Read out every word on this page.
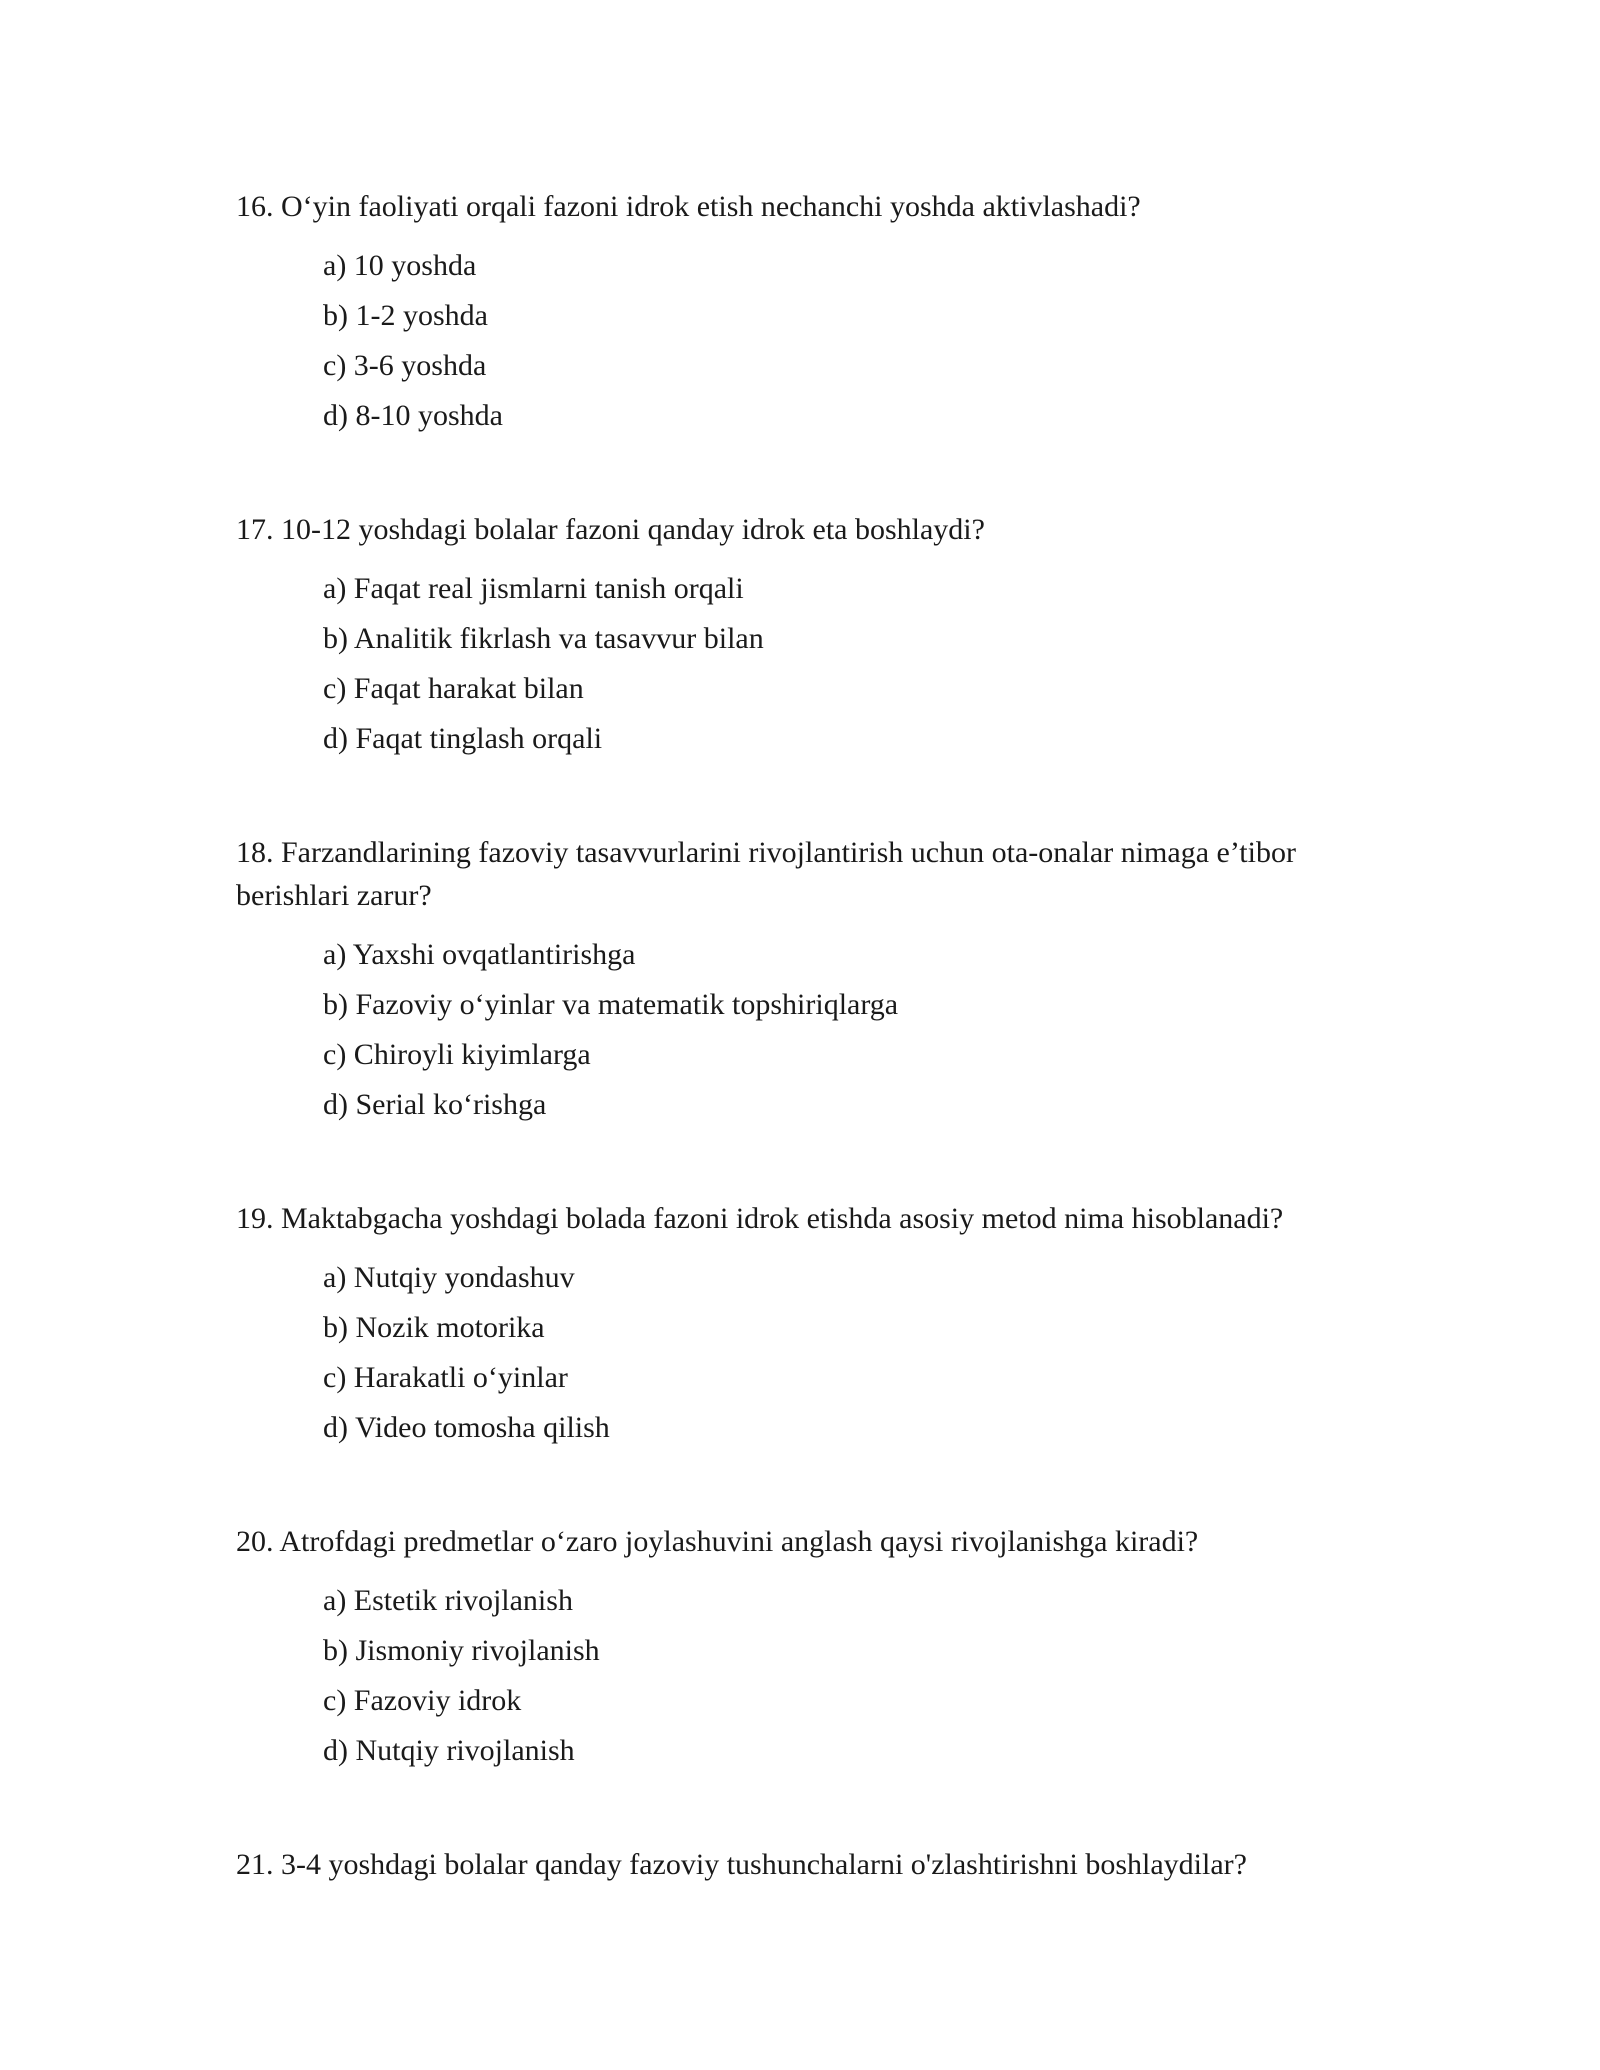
16. O‘yin faoliyati orqali fazoni idrok etish nechanchi yoshda aktivlashadi?

a) 10 yoshda
b) 1-2 yoshda
c) 3-6 yoshda
d) 8-10 yoshda

17. 10-12 yoshdagi bolalar fazoni qanday idrok eta boshlaydi?

a) Faqat real jismlarni tanish orqali
b) Analitik fikrlash va tasavvur bilan
c) Faqat harakat bilan
d) Faqat tinglash orqali

18. Farzandlarining fazoviy tasavvurlarini rivojlantirish uchun ota-onalar nimaga e’tibor berishlari zarur?

a) Yaxshi ovqatlantirishga
b) Fazoviy o‘yinlar va matematik topshiriqlarga
c) Chiroyli kiyimlarga
d) Serial ko‘rishga

19. Maktabgacha yoshdagi bolada fazoni idrok etishda asosiy metod nima hisoblanadi?

a) Nutqiy yondashuv
b) Nozik motorika
c) Harakatli o‘yinlar
d) Video tomosha qilish

20. Atrofdagi predmetlar o‘zaro joylashuvini anglash qaysi rivojlanishga kiradi?

a) Estetik rivojlanish
b) Jismoniy rivojlanish
c) Fazoviy idrok
d) Nutqiy rivojlanish

21. 3-4 yoshdagi bolalar qanday fazoviy tushunchalarni o'zlashtirishni boshlaydilar?
